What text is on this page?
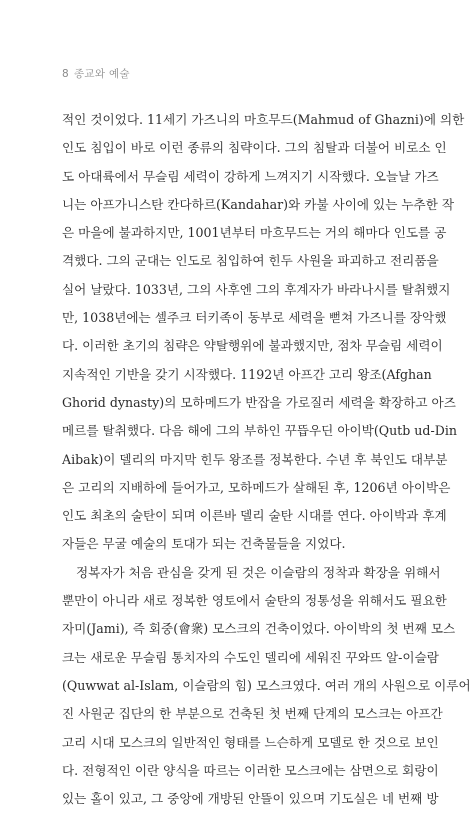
8 종교와 예술
적인 것이었다. 11세기 가즈니의 마흐무드(Mahmud of Ghazni)에 의한
인도 침입이 바로 이런 종류의 침략이다. 그의 침탈과 더불어 비로소 인
도 아대륙에서 무슬림 세력이 강하게 느껴지기 시작했다. 오늘날 가즈
니는 아프가니스탄 칸다하르(Kandahar)와 카불 사이에 있는 누추한 작
은 마을에 불과하지만, 1001년부터 마흐무드는 거의 해마다 인도를 공
격했다. 그의 군대는 인도로 침입하여 힌두 사원을 파괴하고 전리품을
실어 날랐다. 1033년, 그의 사후엔 그의 후계자가 바라나시를 탈취했지
만, 1038년에는 셀주크 터키족이 동부로 세력을 뻗쳐 가즈니를 장악했
다. 이러한 초기의 침략은 약탈행위에 불과했지만, 점차 무슬림 세력이
지속적인 기반을 갖기 시작했다. 1192년 아프간 고리 왕조(Afghan
Ghorid dynasty)의 모하메드가 반잡을 가로질러 세력을 확장하고 아즈
메르를 탈취했다. 다음 해에 그의 부하인 꾸뜹우딘 아이박(Qutb ud-Din
Aibak)이 델리의 마지막 힌두 왕조를 정복한다. 수년 후 북인도 대부분
은 고리의 지배하에 들어가고, 모하메드가 살해된 후, 1206년 아이박은
인도 최초의 술탄이 되며 이른바 델리 술탄 시대를 연다. 아이박과 후계
자들은 무굴 예술의 토대가 되는 건축물들을 지었다.
정복자가 처음 관심을 갖게 된 것은 이슬람의 정착과 확장을 위해서
뿐만이 아니라 새로 정복한 영토에서 술탄의 정통성을 위해서도 필요한
자미(Jami), 즉 회중(會衆) 모스크의 건축이었다. 아이박의 첫 번째 모스
크는 새로운 무슬림 통치자의 수도인 델리에 세워진 꾸와뜨 알-이슬람
(Quwwat al-Islam, 이슬람의 힘) 모스크였다. 여러 개의 사원으로 이루어
진 사원군 집단의 한 부분으로 건축된 첫 번째 단계의 모스크는 아프간
고리 시대 모스크의 일반적인 형태를 느슨하게 모델로 한 것으로 보인
다. 전형적인 이란 양식을 따르는 이러한 모스크에는 삼면으로 회랑이
있는 홀이 있고, 그 중앙에 개방된 안뜰이 있으며 기도실은 네 번째 방
